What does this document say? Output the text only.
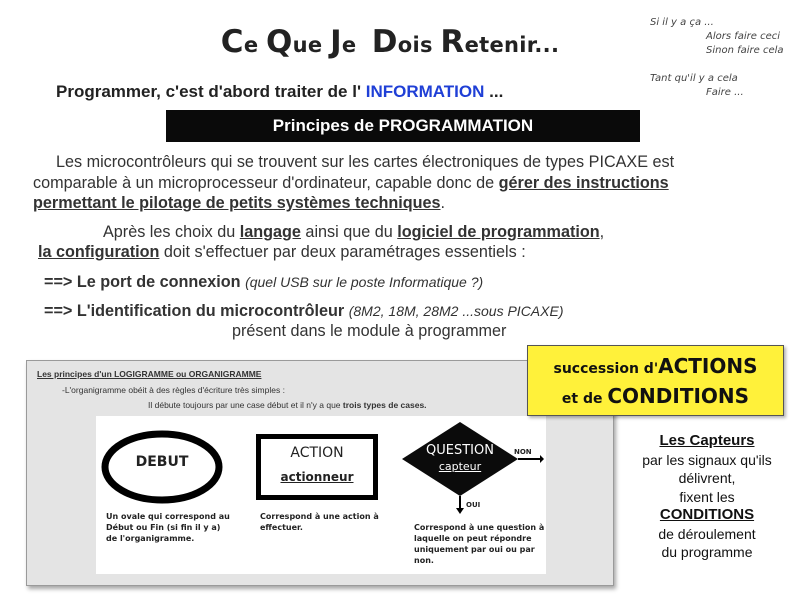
Ce Que Je Dois Retenir...
Si il y a ça ...
Alors faire ceci
Sinon faire cela
Tant qu'il y a cela
Faire ...
Programmer, c'est d'abord traiter de l' INFORMATION ...
Principes de PROGRAMMATION
Les microcontrôleurs qui se trouvent sur les cartes électroniques de types PICAXE est
comparable à un microprocesseur d'ordinateur, capable donc de gérer des instructions
permettant le pilotage de petits systèmes techniques.
Après les choix du langage ainsi que du logiciel de programmation,
la configuration doit s'effectuer par deux paramétrages essentiels :
==> Le port de connexion (quel USB sur le poste Informatique ?)
==> L'identification du microcontrôleur (8M2, 18M, 28M2 ...sous PICAXE)
présent dans le module à programmer
Les principes d'un LOGIGRAMME ou ORGANIGRAMME
-L'organigramme obéit à des règles d'écriture très simples :
Il débute toujours par une case début et il n'y a que trois types de cases.
DEBUT
ACTION
actionneur
QUESTION
capteur
NON
OUI
Un ovale qui correspond au
Début ou Fin (si fin il y a)
de l'organigramme.
Correspond à une action à
effectuer.	Correspond à une question à
laquelle on peut répondre
uniquement par oui ou par
non.
succession d'ACTIONS
et de CONDITIONS
Les Capteurs
par les signaux qu'ils
délivrent,
fixent les
CONDITIONS
de déroulement
du programme
